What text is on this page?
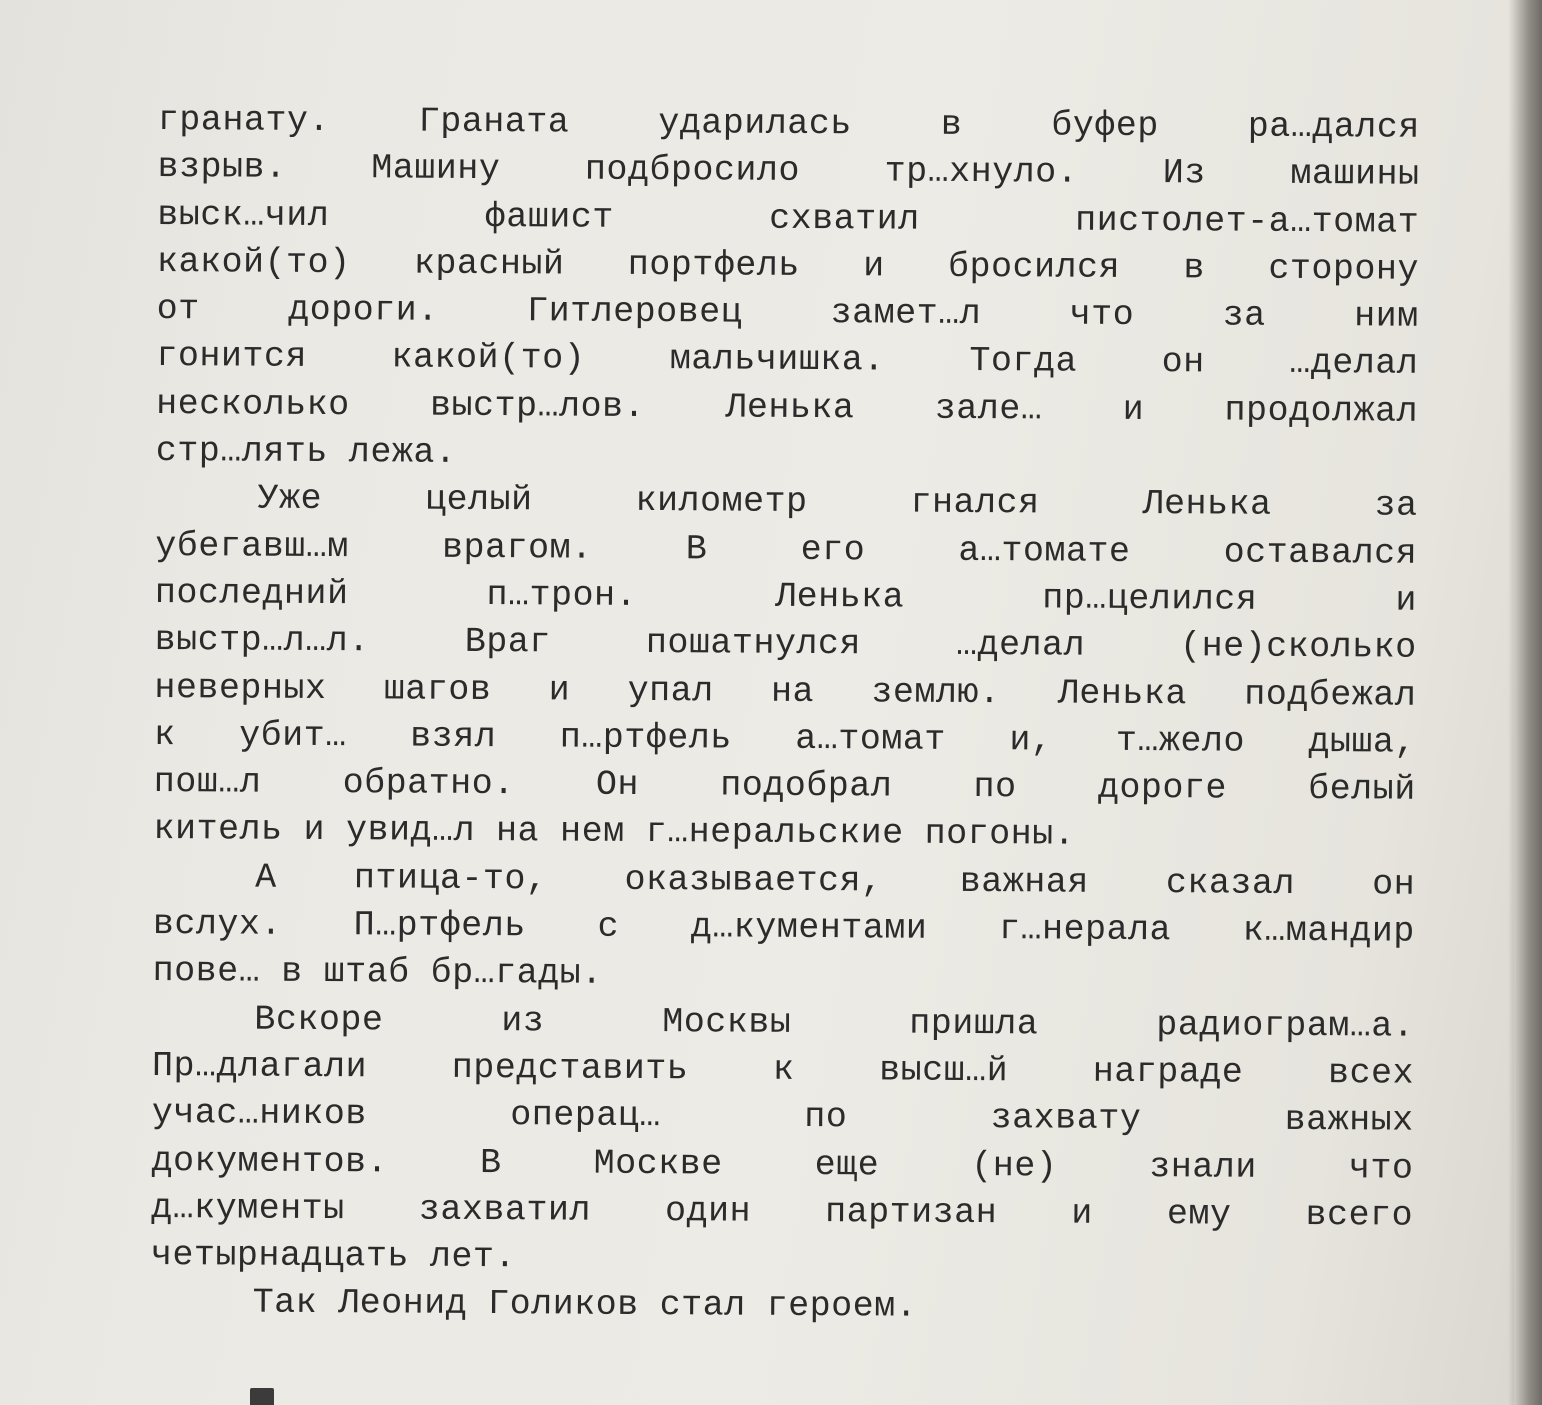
гранату.	Граната	ударилась	в	буфер	ра…дался
взрыв. Машину подбросило тр…хнуло. Из машины
выск…чил	фашист	схватил	пистолет-а…томат
какой(то) красный портфель и бросился в сторону
от	дороги.	Гитлеровец	замет…л	что	за	ним
гонится какой(то) мальчишка. Тогда он …делал
несколько выстр…лов. Ленька зале… и продолжал
стр…лять лежа.
Уже	целый	километр	гнался	Ленька	за
убегавш…м	врагом.	В	его	а…томате	оставался
последний	п…трон.	Ленька	пр…целился	и
выстр…л…л.	Враг	пошатнулся	…делал	(не)сколько
неверных шагов и упал на землю. Ленька подбежал
к убит… взял п…ртфель а…томат и, т…жело дыша,
пош…л обратно. Он подобрал по дороге белый
китель и увид…л на нем г…неральские погоны.
А птица-то, оказывается, важная сказал он
вслух. П…ртфель с д…кументами г…нерала к…мандир
пове… в штаб бр…гады.
Вскоре	из	Москвы	пришла	радиограм…а.
Пр…длагали представить к высш…й награде всех
учас…ников	операц…	по	захвату	важных
документов.	В	Москве	еще	(не)	знали	что
д…кументы захватил один партизан и ему всего
четырнадцать лет.
Так Леонид Голиков стал героем.
